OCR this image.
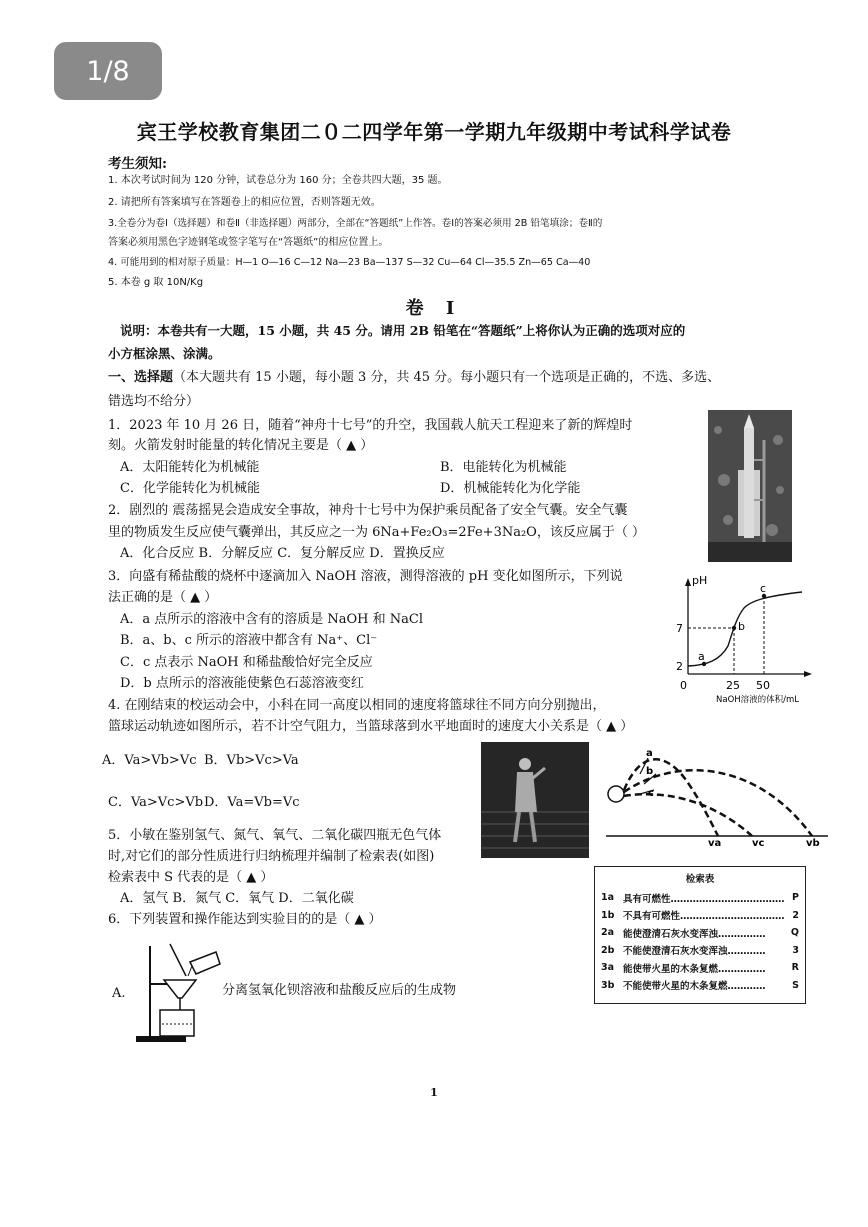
1/8
宾王学校教育集团二０二四学年第一学期九年级期中考试科学试卷
考生须知:
1. 本次考试时间为 120 分钟，试卷总分为 160 分；全卷共四大题，35 题。
2. 请把所有答案填写在答题卷上的相应位置，否则答题无效。
3.全卷分为卷Ⅰ（选择题）和卷Ⅱ（非选择题）两部分，全部在“答题纸”上作答。卷Ⅰ的答案必须用 2B 铅笔填涂；卷Ⅱ的
答案必须用黑色字迹钢笔或签字笔写在“答题纸”的相应位置上。
4. 可能用到的相对原子质量：H—1 O—16 C—12 Na—23 Ba—137 S—32 Cu—64 Cl—35.5 Zn—65 Ca—40
5. 本卷 g 取 10N/Kg
卷 Ⅰ
说明：本卷共有一大题，15 小题，共 45 分。请用 2B 铅笔在“答题纸”上将你认为正确的选项对应的
小方框涂黑、涂满。
一、选择题（本大题共有 15 小题，每小题 3 分，共 45 分。每小题只有一个选项是正确的，不选、多选、
错选均不给分）
1．2023 年 10 月 26 日，随着“神舟十七号”的升空，我国载人航天工程迎来了新的辉煌时
刻。火箭发射时能量的转化情况主要是（ ▲ ）
A．太阳能转化为机械能	B．电能转化为机械能
C．化学能转化为机械能	D．机械能转化为化学能
2．剧烈的 震荡摇晃会造成安全事故，神舟十七号中为保护乘员配备了安全气囊。安全气囊
里的物质发生反应使气囊弹出，其反应之一为 6Na+Fe₂O₃=2Fe+3Na₂O，该反应属于（ ）
A．化合反应 B．分解反应 C．复分解反应 D．置换反应
3．向盛有稀盐酸的烧杯中逐滴加入 NaOH 溶液，测得溶液的 pH 变化如图所示，下列说
法正确的是（ ▲ ）
A．a 点所示的溶液中含有的溶质是 NaOH 和 NaCl
B．a、b、c 所示的溶液中都含有 Na⁺、Cl⁻
C．c 点表示 NaOH 和稀盐酸恰好完全反应
D．b 点所示的溶液能使紫色石蕊溶液变红
pH
7
2
0	25 50
a
b
c
NaOH溶液的体积/mL
4. 在刚结束的校运动会中，小科在同一高度以相同的速度将篮球往不同方向分别抛出，
篮球运动轨迹如图所示，若不计空气阻力，当篮球落到水平地面时的速度大小关系是（ ▲ ）
A．Va>Vb>Vc B．Vb>Vc>Va
C．Va>Vc>Vb D．Va=Vb=Vc
a
b
c
va	vc	vb
5．小敏在鉴别氢气、氮气、氧气、二氧化碳四瓶无色气体
时,对它们的部分性质进行归纳梳理并编制了检索表(如图)
检索表中 S 代表的是（ ▲ ）
A．氢气 B．氮气 C．氧气 D．二氧化碳
检索表
1a 具有可燃性……………………………… P
1b 不具有可燃性…………………………… 2
2a 能使澄清石灰水变浑浊……………	Q
2b 不能使澄清石灰水变浑浊…………	3
3a 能使带火星的木条复燃……………	R
3b 不能使带火星的木条复燃…………	S
6．下列装置和操作能达到实验目的的是（ ▲ ）
A.	分离氢氧化钡溶液和盐酸反应后的生成物
1
